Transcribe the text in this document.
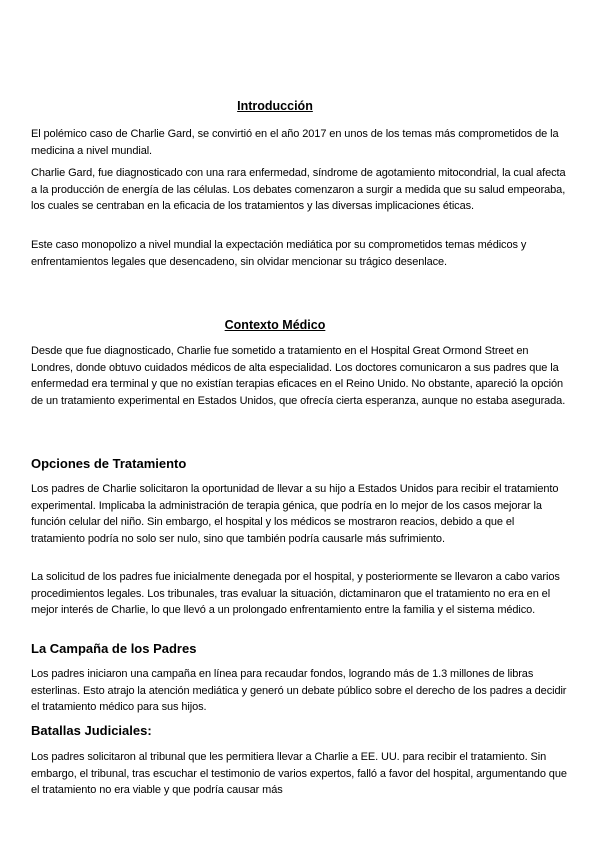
Introducción

El polémico caso de Charlie Gard, se convirtió en el año 2017 en unos de los temas más comprometidos de la medicina a nivel mundial.

Charlie Gard, fue diagnosticado con una rara enfermedad, síndrome de agotamiento mitocondrial, la cual afecta a la producción de energía de las células. Los debates comenzaron a surgir a medida que su salud empeoraba, los cuales se centraban en la eficacia de los tratamientos y las diversas implicaciones éticas.

Este caso monopolizo a nivel mundial la expectación mediática por su comprometidos temas médicos y enfrentamientos legales que desencadeno, sin olvidar mencionar su trágico desenlace.

Contexto Médico

Desde que fue diagnosticado, Charlie fue sometido a tratamiento en el Hospital Great Ormond Street en Londres, donde obtuvo cuidados médicos de alta especialidad. Los doctores comunicaron a sus padres que la enfermedad era terminal y que no existían terapias eficaces en el Reino Unido. No obstante, apareció la opción de un tratamiento experimental en Estados Unidos, que ofrecía cierta esperanza, aunque no estaba asegurada.

Opciones de Tratamiento

Los padres de Charlie solicitaron la oportunidad de llevar a su hijo a Estados Unidos para recibir el tratamiento experimental. Implicaba la administración de terapia génica, que podría en lo mejor de los casos mejorar la función celular del niño. Sin embargo, el hospital y los médicos se mostraron reacios, debido a que el tratamiento podría no solo ser nulo, sino que también podría causarle más sufrimiento.

La solicitud de los padres fue inicialmente denegada por el hospital, y posteriormente se llevaron a cabo varios procedimientos legales. Los tribunales, tras evaluar la situación, dictaminaron que el tratamiento no era en el mejor interés de Charlie, lo que llevó a un prolongado enfrentamiento entre la familia y el sistema médico.

La Campaña de los Padres

Los padres iniciaron una campaña en línea para recaudar fondos, logrando más de 1.3 millones de libras esterlinas. Esto atrajo la atención mediática y generó un debate público sobre el derecho de los padres a decidir el tratamiento médico para sus hijos.

Batallas Judiciales:

Los padres solicitaron al tribunal que les permitiera llevar a Charlie a EE. UU. para recibir el tratamiento. Sin embargo, el tribunal, tras escuchar el testimonio de varios expertos, falló a favor del hospital, argumentando que el tratamiento no era viable y que podría causar más
